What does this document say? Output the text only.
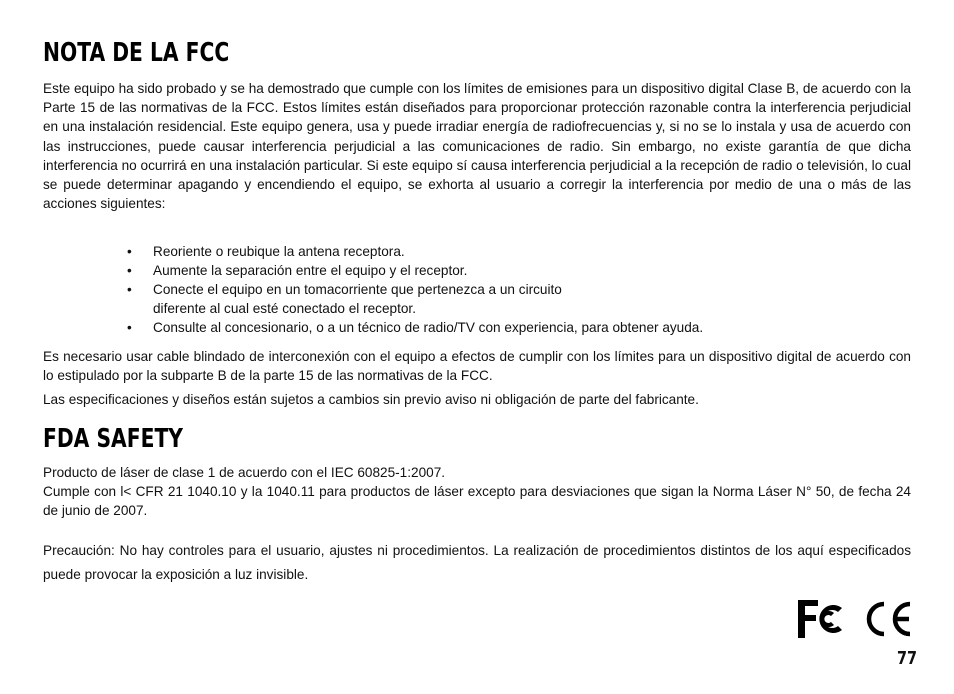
NOTA DE LA FCC

Este equipo ha sido probado y se ha demostrado que cumple con los límites de emisiones para un dispositivo digital Clase B, de acuerdo con la Parte 15 de las normativas de la FCC. Estos límites están diseñados para proporcionar protección razonable contra la interferencia perjudicial en una instalación residencial. Este equipo genera, usa y puede irradiar energía de radiofrecuencias y, si no se lo instala y usa de acuerdo con las instrucciones, puede causar interferencia perjudicial a las comunicaciones de radio. Sin embargo, no existe garantía de que dicha interferencia no ocurrirá en una instalación particular. Si este equipo sí causa interferencia perjudicial a la recepción de radio o televisión, lo cual se puede determinar apagando y encendiendo el equipo, se exhorta al usuario a corregir la interferencia por medio de una o más de las acciones siguientes:

• Reoriente o reubique la antena receptora.
• Aumente la separación entre el equipo y el receptor.
• Conecte el equipo en un tomacorriente que pertenezca a un circuito
diferente al cual esté conectado el receptor.
• Consulte al concesionario, o a un técnico de radio/TV con experiencia, para obtener ayuda.

Es necesario usar cable blindado de interconexión con el equipo a efectos de cumplir con los límites para un dispositivo digital de acuerdo con lo estipulado por la subparte B de la parte 15 de las normativas de la FCC.

Las especificaciones y diseños están sujetos a cambios sin previo aviso ni obligación de parte del fabricante.

FDA SAFETY

Producto de láser de clase 1 de acuerdo con el IEC 60825-1:2007.
Cumple con l< CFR 21 1040.10 y la 1040.11 para productos de láser excepto para desviaciones que sigan la Norma Láser N° 50, de fecha 24 de junio de 2007.

Precaución: No hay controles para el usuario, ajustes ni procedimientos. La realización de procedimientos distintos de los aquí especificados puede provocar la exposición a luz invisible.

77
